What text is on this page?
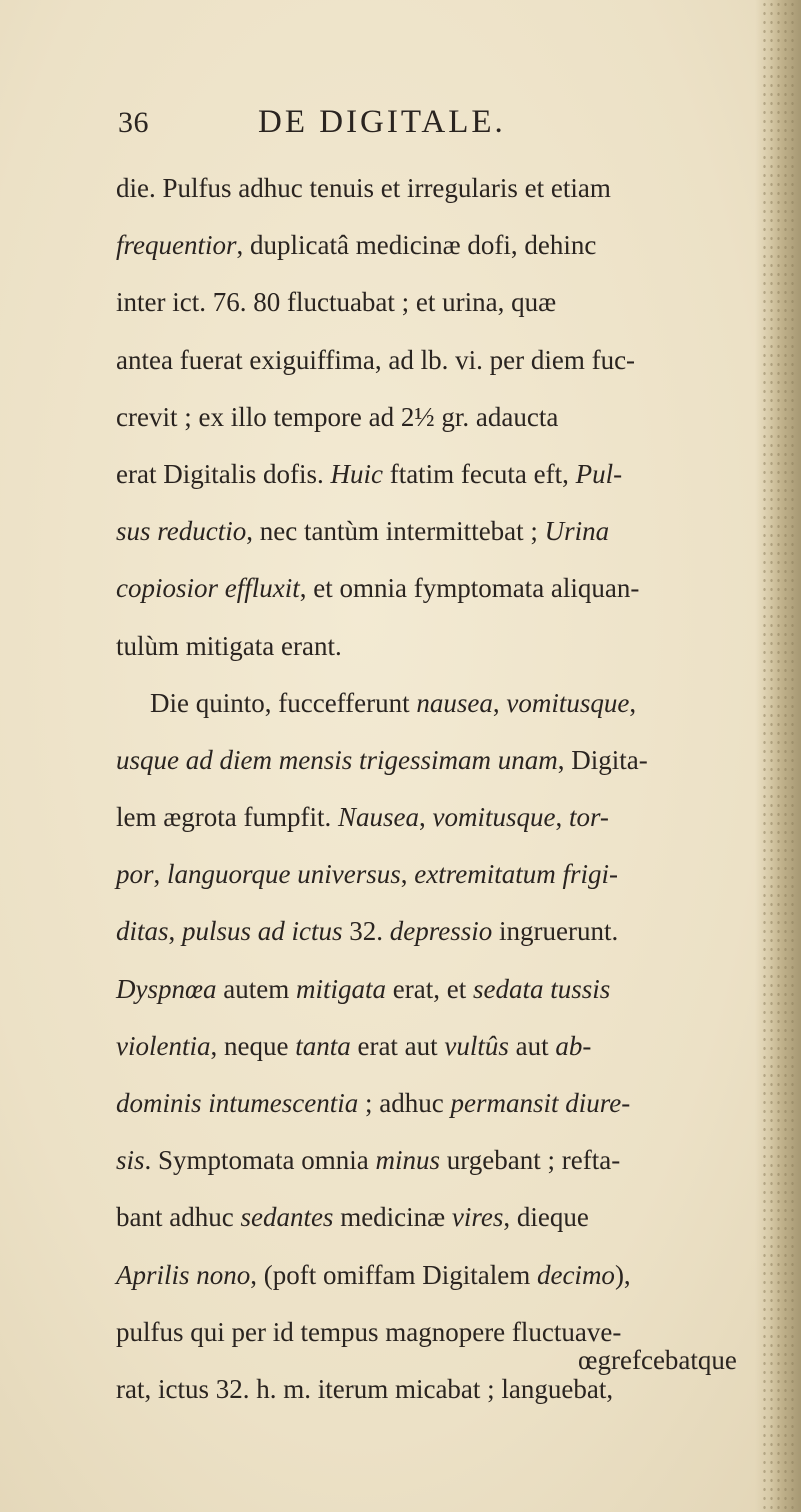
36	DE DIGITALE.
die. Pulfus adhuc tenuis et irregularis et etiam
frequentior, duplicatâ medicinæ dofi, dehinc
inter ict. 76. 80 fluctuabat ; et urina, quæ
antea fuerat exiguiffima, ad lb. vi. per diem fuc-
crevit ; ex illo tempore ad 2½ gr. adaucta
erat Digitalis dofis. Huic ftatim fecuta eft, Pul-
sus reductio, nec tantùm intermittebat ; Urina
copiosior effluxit, et omnia fymptomata aliquan-
tulùm mitigata erant.
Die quinto, fuccefferunt nausea, vomitusque,
usque ad diem mensis trigessimam unam, Digita-
lem ægrota fumpfit. Nausea, vomitusque, tor-
por, languorque universus, extremitatum frigi-
ditas, pulsus ad ictus 32. depressio ingruerunt.
Dyspnœa autem mitigata erat, et sedata tussis
violentia, neque tanta erat aut vultûs aut ab-
dominis intumescentia ; adhuc permansit diure-
sis. Symptomata omnia minus urgebant ; refta-
bant adhuc sedantes medicinæ vires, dieque
Aprilis nono, (poft omiffam Digitalem decimo),
pulfus qui per id tempus magnopere fluctuave-
rat, ictus 32. h. m. iterum micabat ; languebat,
œgrefcebatque
